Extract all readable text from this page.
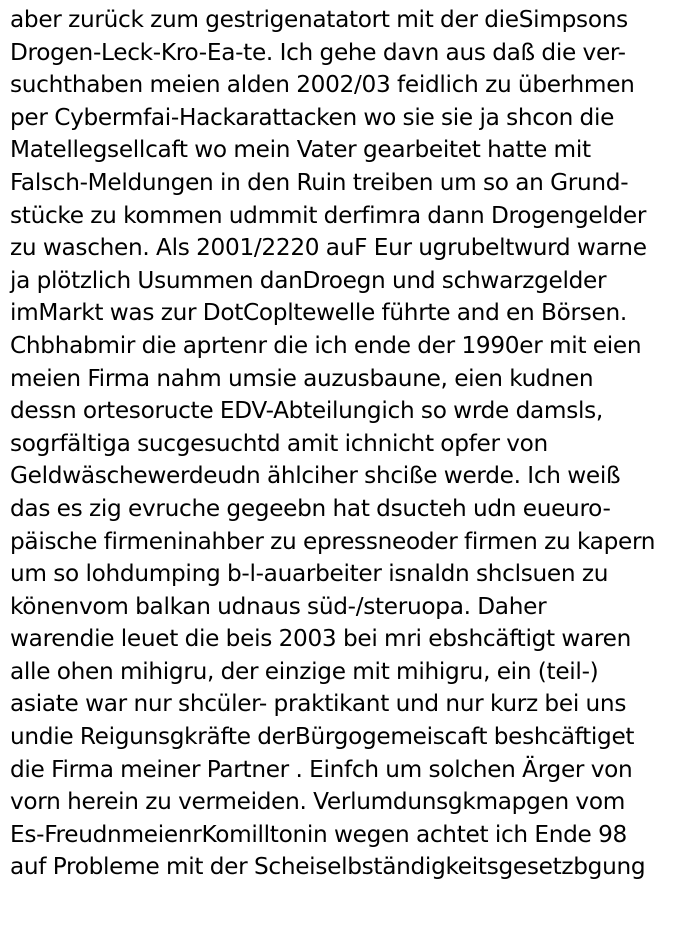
aber zurück zum gestrigenatatort mit der dieSimpsons
Drogen-Leck-Kro-Ea-te. Ich gehe davn aus daß die ver-
suchthaben meien alden 2002/03 feidlich zu überhmen
per Cybermfai-Hackarattacken wo sie sie ja shcon die
Matellegsellcaft wo mein Vater gearbeitet hatte mit
Falsch-Meldungen in den Ruin treiben um so an Grund-
stücke zu kommen udmmit derfimra dann Drogengelder
zu waschen. Als 2001/2220 auF Eur ugrubeltwurd warne
ja plötzlich Usummen danDroegn und schwarzgelder
imMarkt was zur DotCopltewelle führte and en Börsen.
Chbhabmir die aprtenr die ich ende der 1990er mit eien
meien Firma nahm umsie auzusbaune, eien kudnen
dessn ortesoructe EDV-Abteilungich so wrde damsls,
sogrfältiga sucgesuchtd amit ichnicht opfer von
Geldwäschewerdeudn ählciher shcißе werde. Ich weiß
das es zig evruche gegeebn hat dsucteh udn eueuro-
päische firmeninahber zu epressneoder firmen zu kapern
um so lohdumping b-l-auarbeiter isnaldn shclsuen zu
könenvom balkan udnaus süd-/steruopa. Daher
warendie leuet die beis 2003 bei mri ebshcäftigt waren
alle ohen mihigru, der einzige mit mihigru, ein (teil-)
asiate war nur shcüler- praktikant und nur kurz bei uns
undie Reigunsgkräfte derBürgogemeiscaft beshcäftiget
die Firma meiner Partner . Einfch um solchen Ärger von
vorn herein zu vermeiden. Verlumdunsgkmapgen vom
Es-FreudnmeienrKomilltonin wegen achtet ich Ende 98
auf Probleme mit der Scheiselbständigkeitsgesetzbgung
